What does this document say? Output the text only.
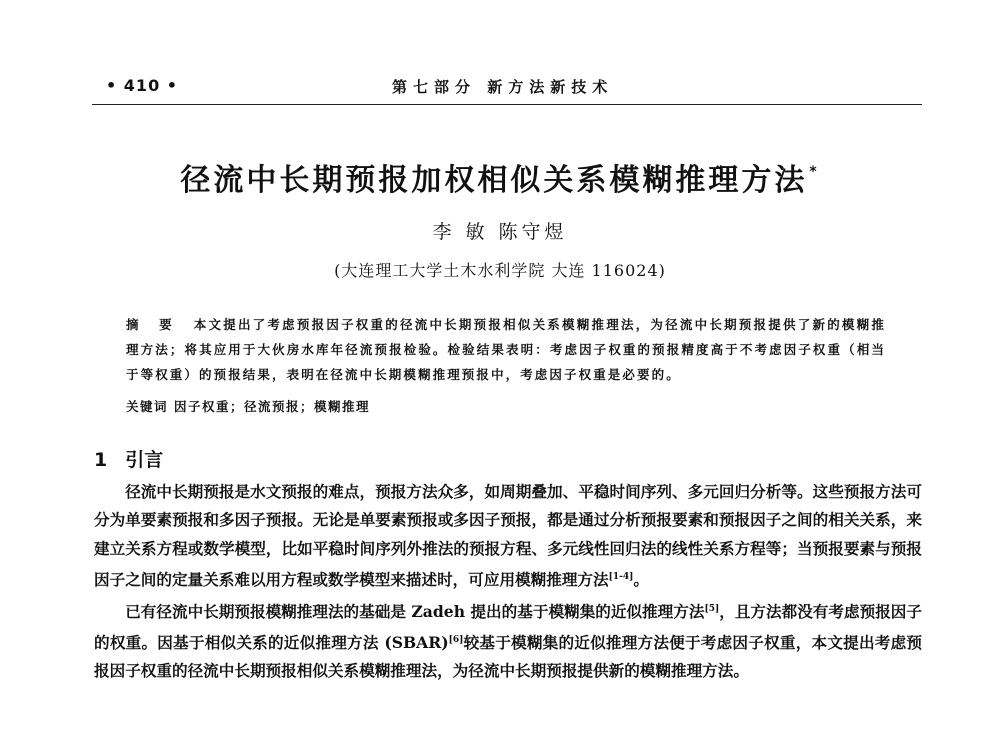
• 410 •	第七部分 新方法新技术
径流中长期预报加权相似关系模糊推理方法 *
李 敏 陈守煜
(大连理工大学土木水利学院 大连 116024)
摘 要 本文提出了考虑预报因子权重的径流中长期预报相似关系模糊推理法，为径流中长期预报提供了新的模糊推理方法；将其应用于大伙房水库年径流预报检验。检验结果表明：考虑因子权重的预报精度高于不考虑因子权重（相当于等权重）的预报结果，表明在径流中长期模糊推理预报中，考虑因子权重是必要的。
关键词 因子权重；径流预报；模糊推理
1 引言

径流中长期预报是水文预报的难点，预报方法众多，如周期叠加、平稳时间序列、多元回归分析等。这些预报方法可分为单要素预报和多因子预报。无论是单要素预报或多因子预报，都是通过分析预报要素和预报因子之间的相关关系，来建立关系方程或数学模型，比如平稳时间序列外推法的预报方程、多元线性回归法的线性关系方程等；当预报要素与预报因子之间的定量关系难以用方程或数学模型来描述时，可应用模糊推理方法[1-4]。

已有径流中长期预报模糊推理法的基础是 Zadeh 提出的基于模糊集的近似推理方法[5]，且方法都没有考虑预报因子的权重。因基于相似关系的近似推理方法 (SBAR)[6]较基于模糊集的近似推理方法便于考虑因子权重，本文提出考虑预报因子权重的径流中长期预报相似关系模糊推理法，为径流中长期预报提供新的模糊推理方法。
